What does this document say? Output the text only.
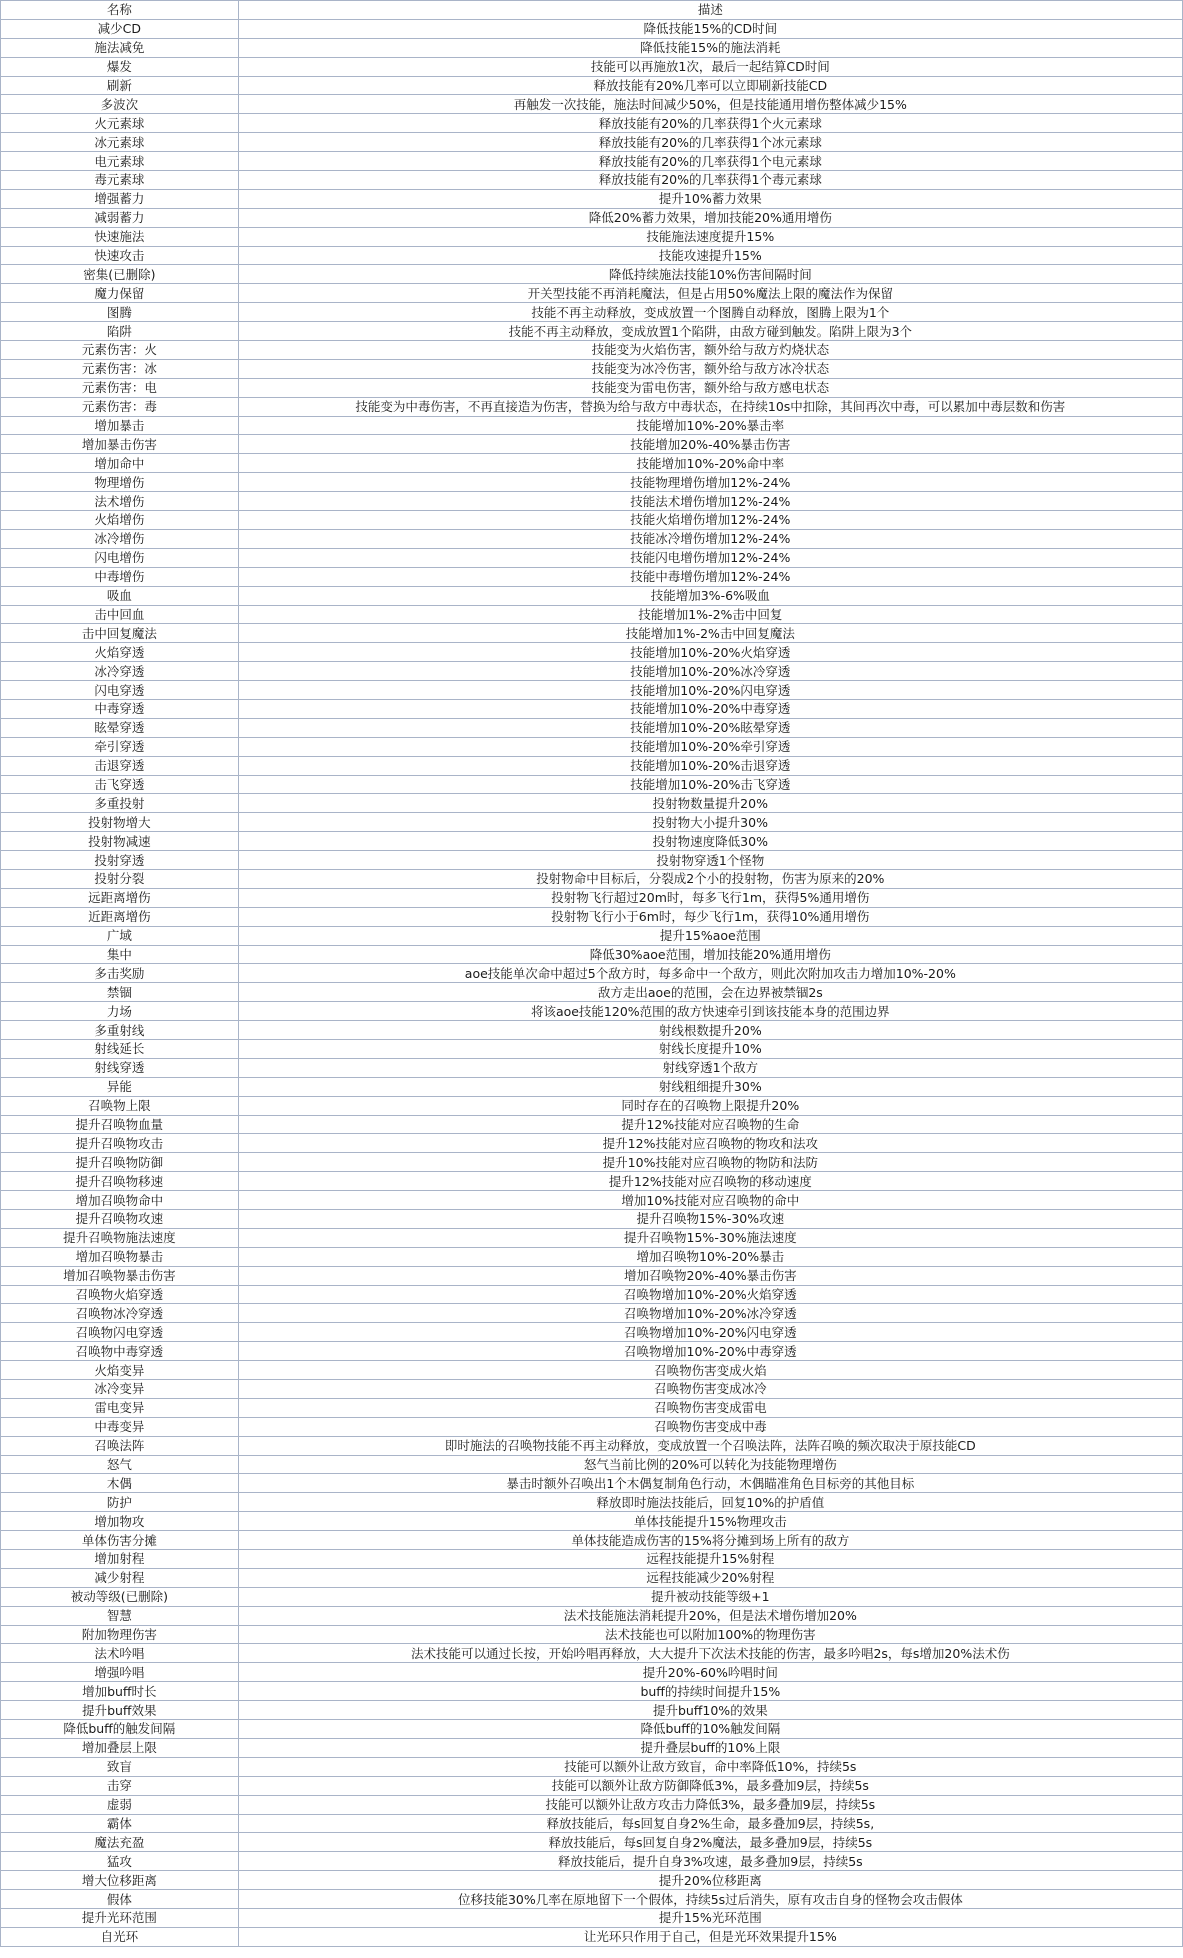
名称	描述
减少CD	降低技能15%的CD时间
施法减免	降低技能15%的施法消耗
爆发	技能可以再施放1次，最后一起结算CD时间
刷新	释放技能有20%几率可以立即刷新技能CD
多波次	再触发一次技能，施法时间减少50%，但是技能通用增伤整体减少15%
火元素球	释放技能有20%的几率获得1个火元素球
冰元素球	释放技能有20%的几率获得1个冰元素球
电元素球	释放技能有20%的几率获得1个电元素球
毒元素球	释放技能有20%的几率获得1个毒元素球
增强蓄力	提升10%蓄力效果
减弱蓄力	降低20%蓄力效果，增加技能20%通用增伤
快速施法	技能施法速度提升15%
快速攻击	技能攻速提升15%
密集(已删除)	降低持续施法技能10%伤害间隔时间
魔力保留	开关型技能不再消耗魔法，但是占用50%魔法上限的魔法作为保留
图腾	技能不再主动释放，变成放置一个图腾自动释放，图腾上限为1个
陷阱	技能不再主动释放，变成放置1个陷阱，由敌方碰到触发。陷阱上限为3个
元素伤害：火	技能变为火焰伤害，额外给与敌方灼烧状态
元素伤害：冰	技能变为冰冷伤害，额外给与敌方冰冷状态
元素伤害：电	技能变为雷电伤害，额外给与敌方感电状态
元素伤害：毒	技能变为中毒伤害，不再直接造为伤害，替换为给与敌方中毒状态，在持续10s中扣除，其间再次中毒，可以累加中毒层数和伤害
增加暴击	技能增加10%-20%暴击率
增加暴击伤害	技能增加20%-40%暴击伤害
增加命中	技能增加10%-20%命中率
物理增伤	技能物理增伤增加12%-24%
法术增伤	技能法术增伤增加12%-24%
火焰增伤	技能火焰增伤增加12%-24%
冰冷增伤	技能冰冷增伤增加12%-24%
闪电增伤	技能闪电增伤增加12%-24%
中毒增伤	技能中毒增伤增加12%-24%
吸血	技能增加3%-6%吸血
击中回血	技能增加1%-2%击中回复
击中回复魔法	技能增加1%-2%击中回复魔法
火焰穿透	技能增加10%-20%火焰穿透
冰冷穿透	技能增加10%-20%冰冷穿透
闪电穿透	技能增加10%-20%闪电穿透
中毒穿透	技能增加10%-20%中毒穿透
眩晕穿透	技能增加10%-20%眩晕穿透
牵引穿透	技能增加10%-20%牵引穿透
击退穿透	技能增加10%-20%击退穿透
击飞穿透	技能增加10%-20%击飞穿透
多重投射	投射物数量提升20%
投射物增大	投射物大小提升30%
投射物减速	投射物速度降低30%
投射穿透	投射物穿透1个怪物
投射分裂	投射物命中目标后，分裂成2个小的投射物，伤害为原来的20%
远距离增伤	投射物飞行超过20m时，每多飞行1m，获得5%通用增伤
近距离增伤	投射物飞行小于6m时，每少飞行1m，获得10%通用增伤
广域	提升15%aoe范围
集中	降低30%aoe范围，增加技能20%通用增伤
多击奖励	aoe技能单次命中超过5个敌方时，每多命中一个敌方，则此次附加攻击力增加10%-20%
禁锢	敌方走出aoe的范围，会在边界被禁锢2s
力场	将该aoe技能120%范围的敌方快速牵引到该技能本身的范围边界
多重射线	射线根数提升20%
射线延长	射线长度提升10%
射线穿透	射线穿透1个敌方
异能	射线粗细提升30%
召唤物上限	同时存在的召唤物上限提升20%
提升召唤物血量	提升12%技能对应召唤物的生命
提升召唤物攻击	提升12%技能对应召唤物的物攻和法攻
提升召唤物防御	提升10%技能对应召唤物的物防和法防
提升召唤物移速	提升12%技能对应召唤物的移动速度
增加召唤物命中	增加10%技能对应召唤物的命中
提升召唤物攻速	提升召唤物15%-30%攻速
提升召唤物施法速度	提升召唤物15%-30%施法速度
增加召唤物暴击	增加召唤物10%-20%暴击
增加召唤物暴击伤害	增加召唤物20%-40%暴击伤害
召唤物火焰穿透	召唤物增加10%-20%火焰穿透
召唤物冰冷穿透	召唤物增加10%-20%冰冷穿透
召唤物闪电穿透	召唤物增加10%-20%闪电穿透
召唤物中毒穿透	召唤物增加10%-20%中毒穿透
火焰变异	召唤物伤害变成火焰
冰冷变异	召唤物伤害变成冰冷
雷电变异	召唤物伤害变成雷电
中毒变异	召唤物伤害变成中毒
召唤法阵	即时施法的召唤物技能不再主动释放，变成放置一个召唤法阵，法阵召唤的频次取决于原技能CD
怒气	怒气当前比例的20%可以转化为技能物理增伤
木偶	暴击时额外召唤出1个木偶复制角色行动，木偶瞄准角色目标旁的其他目标
防护	释放即时施法技能后，回复10%的护盾值
增加物攻	单体技能提升15%物理攻击
单体伤害分摊	单体技能造成伤害的15%将分摊到场上所有的敌方
增加射程	远程技能提升15%射程
减少射程	远程技能减少20%射程
被动等级(已删除)	提升被动技能等级+1
智慧	法术技能施法消耗提升20%，但是法术增伤增加20%
附加物理伤害	法术技能也可以附加100%的物理伤害
法术吟唱	法术技能可以通过长按，开始吟唱再释放，大大提升下次法术技能的伤害，最多吟唱2s，每s增加20%法术伤
增强吟唱	提升20%-60%吟唱时间
增加buff时长	buff的持续时间提升15%
提升buff效果	提升buff10%的效果
降低buff的触发间隔	降低buff的10%触发间隔
增加叠层上限	提升叠层buff的10%上限
致盲	技能可以额外让敌方致盲，命中率降低10%，持续5s
击穿	技能可以额外让敌方防御降低3%，最多叠加9层，持续5s
虚弱	技能可以额外让敌方攻击力降低3%，最多叠加9层，持续5s
霸体	释放技能后，每s回复自身2%生命，最多叠加9层，持续5s,
魔法充盈	释放技能后，每s回复自身2%魔法，最多叠加9层，持续5s
猛攻	释放技能后，提升自身3%攻速，最多叠加9层，持续5s
增大位移距离	提升20%位移距离
假体	位移技能30%几率在原地留下一个假体，持续5s过后消失，原有攻击自身的怪物会攻击假体
提升光环范围	提升15%光环范围
自光环	让光环只作用于自己，但是光环效果提升15%
